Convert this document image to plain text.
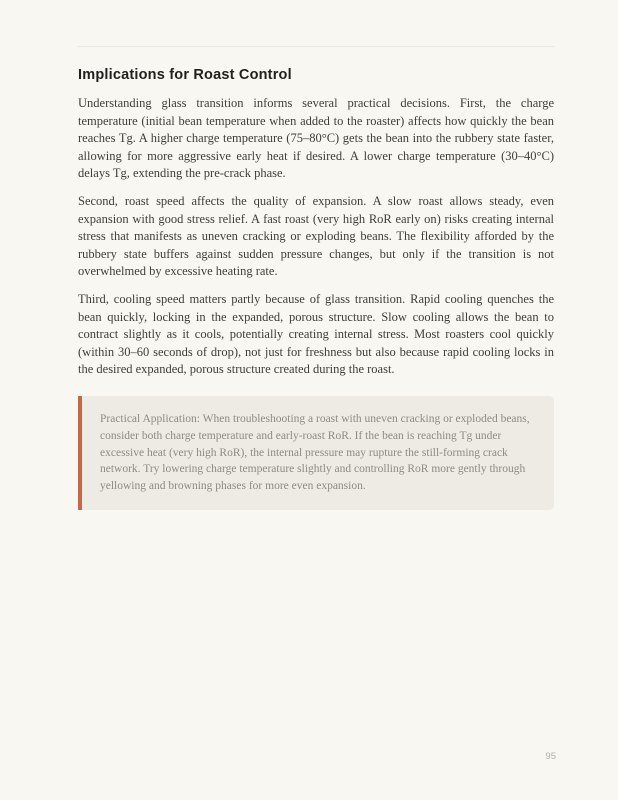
Implications for Roast Control

Understanding glass transition informs several practical decisions. First, the charge temperature (initial bean temperature when added to the roaster) affects how quickly the bean reaches Tg. A higher charge temperature (75–80°C) gets the bean into the rubbery state faster, allowing for more aggressive early heat if desired. A lower charge temperature (30–40°C) delays Tg, extending the pre-crack phase.

Second, roast speed affects the quality of expansion. A slow roast allows steady, even expansion with good stress relief. A fast roast (very high RoR early on) risks creating internal stress that manifests as uneven cracking or exploding beans. The flexibility afforded by the rubbery state buffers against sudden pressure changes, but only if the transition is not overwhelmed by excessive heating rate.

Third, cooling speed matters partly because of glass transition. Rapid cooling quenches the bean quickly, locking in the expanded, porous structure. Slow cooling allows the bean to contract slightly as it cools, potentially creating internal stress. Most roasters cool quickly (within 30–60 seconds of drop), not just for freshness but also because rapid cooling locks in the desired expanded, porous structure created during the roast.

Practical Application: When troubleshooting a roast with uneven cracking or exploded beans, consider both charge temperature and early-roast RoR. If the bean is reaching Tg under excessive heat (very high RoR), the internal pressure may rupture the still-forming crack network. Try lowering charge temperature slightly and controlling RoR more gently through yellowing and browning phases for more even expansion.

95
